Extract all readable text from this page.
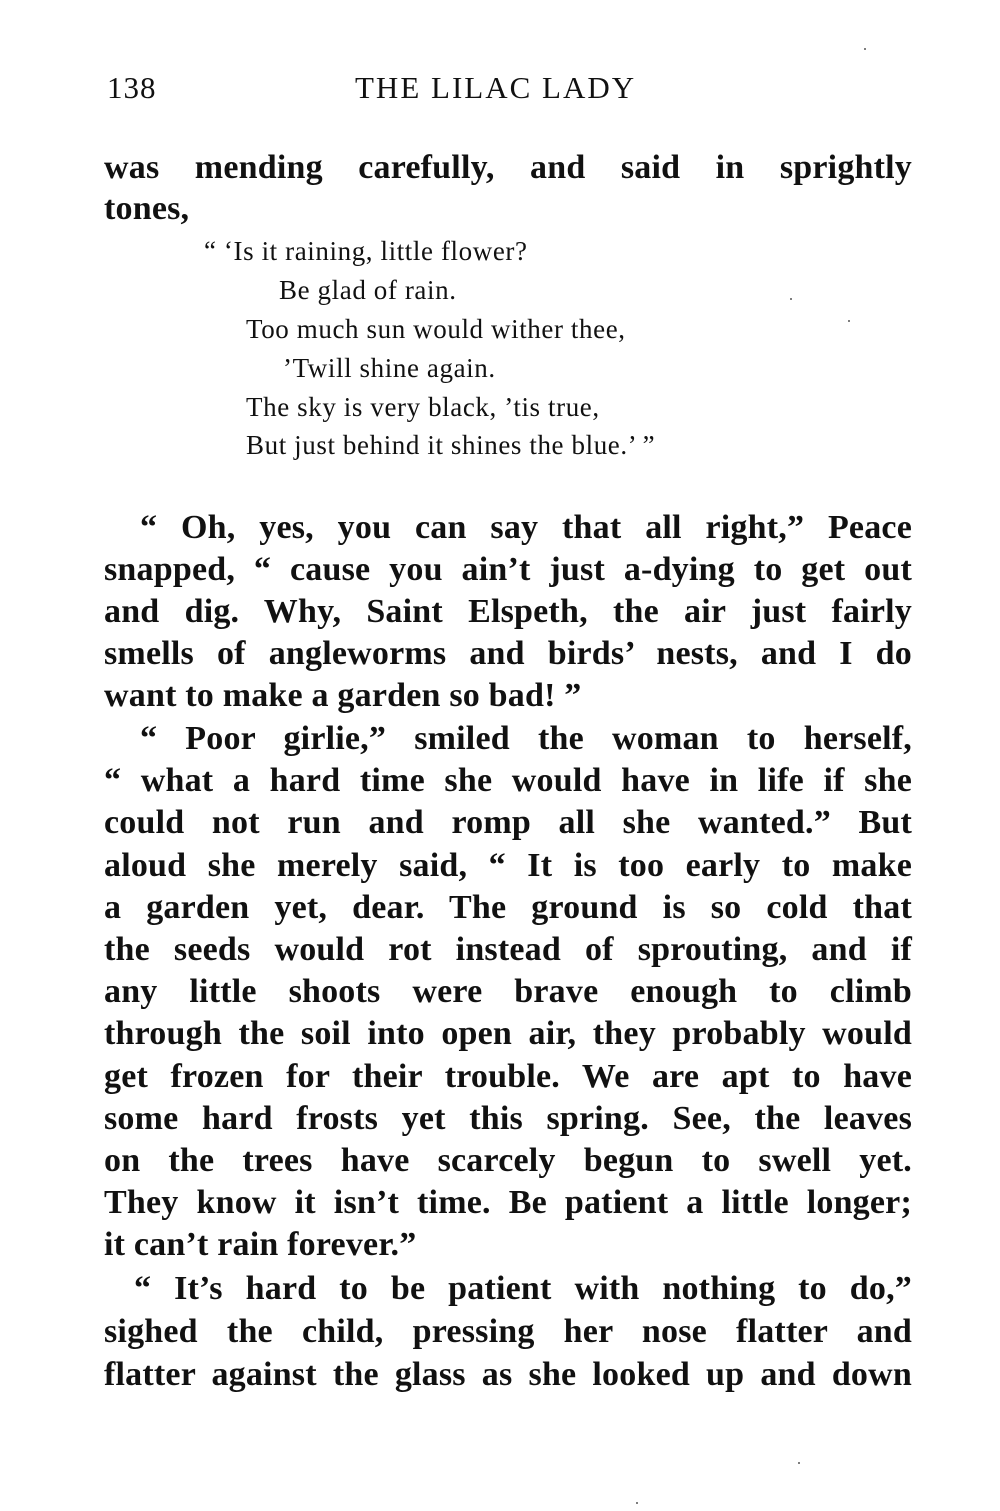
138	THE LILAC LADY
was mending carefully, and said in sprightly
tones,
“ ‘Is it raining, little flower?
Be glad of rain.
Too much sun would wither thee,
’Twill shine again.
The sky is very black, ’tis true,
But just behind it shines the blue.’ ”
“ Oh, yes, you can say that all right,” Peace
snapped, “ cause you ain’t just a-dying to get out
and dig. Why, Saint Elspeth, the air just fairly
smells of angleworms and birds’ nests, and I do
want to make a garden so bad! ”
“ Poor girlie,” smiled the woman to herself,
“ what a hard time she would have in life if she
could not run and romp all she wanted.” But
aloud she merely said, “ It is too early to make
a garden yet, dear. The ground is so cold that
the seeds would rot instead of sprouting, and if
any little shoots were brave enough to climb
through the soil into open air, they probably would
get frozen for their trouble. We are apt to have
some hard frosts yet this spring. See, the leaves
on the trees have scarcely begun to swell yet.
They know it isn’t time. Be patient a little longer;
it can’t rain forever.”
“ It’s hard to be patient with nothing to do,”
sighed the child, pressing her nose flatter and
flatter against the glass as she looked up and down
